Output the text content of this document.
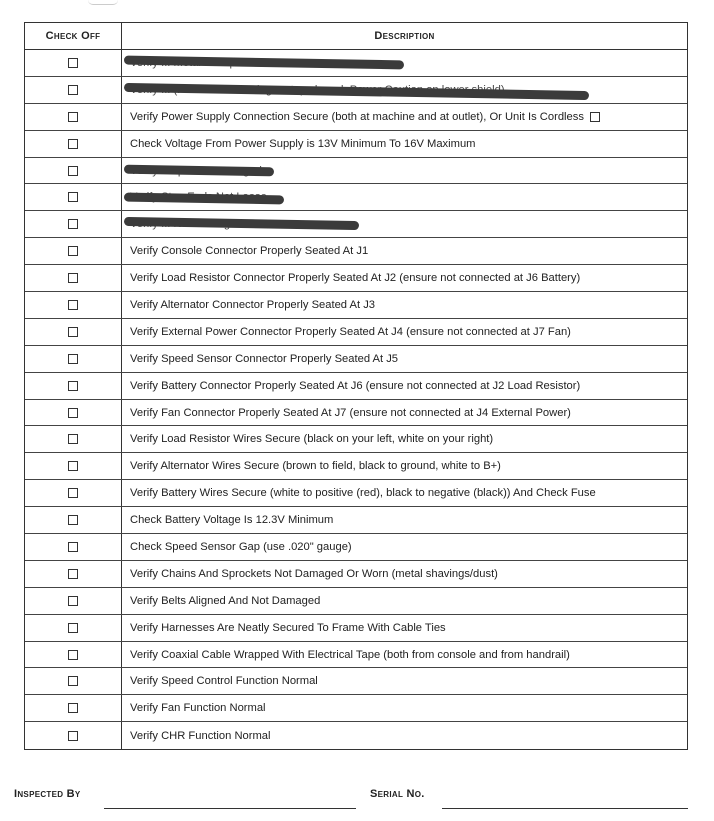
Check Off	Description
Verify Power Supply Connection Secure (both at machine and at outlet), Or Unit Is Cordless
Check Voltage From Power Supply is 13V Minimum To 16V Maximum
Verify Console Connector Properly Seated At J1
Verify Load Resistor Connector Properly Seated At J2 (ensure not connected at J6 Battery)
Verify Alternator Connector Properly Seated At J3
Verify External Power Connector Properly Seated At J4 (ensure not connected at J7 Fan)
Verify Speed Sensor Connector Properly Seated At J5
Verify Battery Connector Properly Seated At J6 (ensure not connected at J2 Load Resistor)
Verify Fan Connector Properly Seated At J7 (ensure not connected at J4 External Power)
Verify Load Resistor Wires Secure (black on your left, white on your right)
Verify Alternator Wires Secure (brown to field, black to ground, white to B+)
Verify Battery Wires Secure (white to positive (red), black to negative (black)) And Check Fuse
Check Battery Voltage Is 12.3V Minimum
Check Speed Sensor Gap (use .020" gauge)
Verify Chains And Sprockets Not Damaged Or Worn (metal shavings/dust)
Verify Belts Aligned And Not Damaged
Verify Harnesses Are Neatly Secured To Frame With Cable Ties
Verify Coaxial Cable Wrapped With Electrical Tape (both from console and from handrail)
Verify Speed Control Function Normal
Verify Fan Function Normal
Verify CHR Function Normal
Inspected By	Serial No.
